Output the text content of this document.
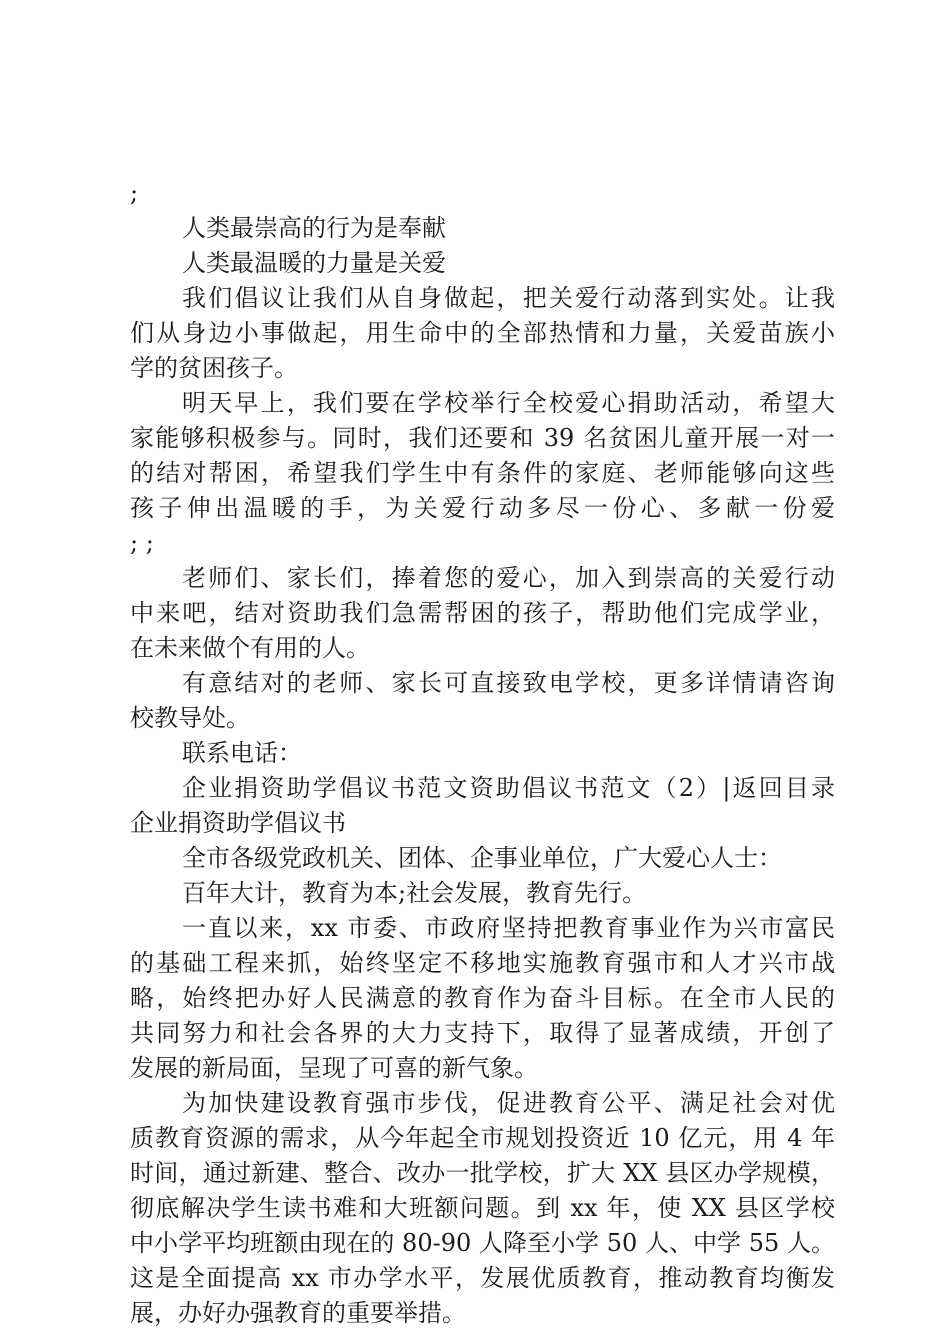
;
人类最崇高的行为是奉献
人类最温暖的力量是关爱
我们倡议让我们从自身做起，把关爱行动落到实处。让我
们从身边小事做起，用生命中的全部热情和力量，关爱苗族小
学的贫困孩子。
明天早上，我们要在学校举行全校爱心捐助活动，希望大
家能够积极参与。同时，我们还要和 39 名贫困儿童开展一对一
的结对帮困，希望我们学生中有条件的家庭、老师能够向这些
孩子伸出温暖的手，为关爱行动多尽一份心、多献一份爱
; ;
老师们、家长们，捧着您的爱心，加入到崇高的关爱行动
中来吧，结对资助我们急需帮困的孩子，帮助他们完成学业，
在未来做个有用的人。
有意结对的老师、家长可直接致电学校，更多详情请咨询
校教导处。
联系电话：
企业捐资助学倡议书范文资助倡议书范文（2）|返回目录
企业捐资助学倡议书
全市各级党政机关、团体、企事业单位，广大爱心人士：
百年大计，教育为本;社会发展，教育先行。
一直以来，xx 市委、市政府坚持把教育事业作为兴市富民
的基础工程来抓，始终坚定不移地实施教育强市和人才兴市战
略，始终把办好人民满意的教育作为奋斗目标。在全市人民的
共同努力和社会各界的大力支持下，取得了显著成绩，开创了
发展的新局面，呈现了可喜的新气象。
为加快建设教育强市步伐，促进教育公平、满足社会对优
质教育资源的需求，从今年起全市规划投资近 10 亿元，用 4 年
时间，通过新建、整合、改办一批学校，扩大 XX 县区办学规模，
彻底解决学生读书难和大班额问题。到 xx 年，使 XX 县区学校
中小学平均班额由现在的 80-90 人降至小学 50 人、中学 55 人。
这是全面提高 xx 市办学水平，发展优质教育，推动教育均衡发
展，办好办强教育的重要举措。
